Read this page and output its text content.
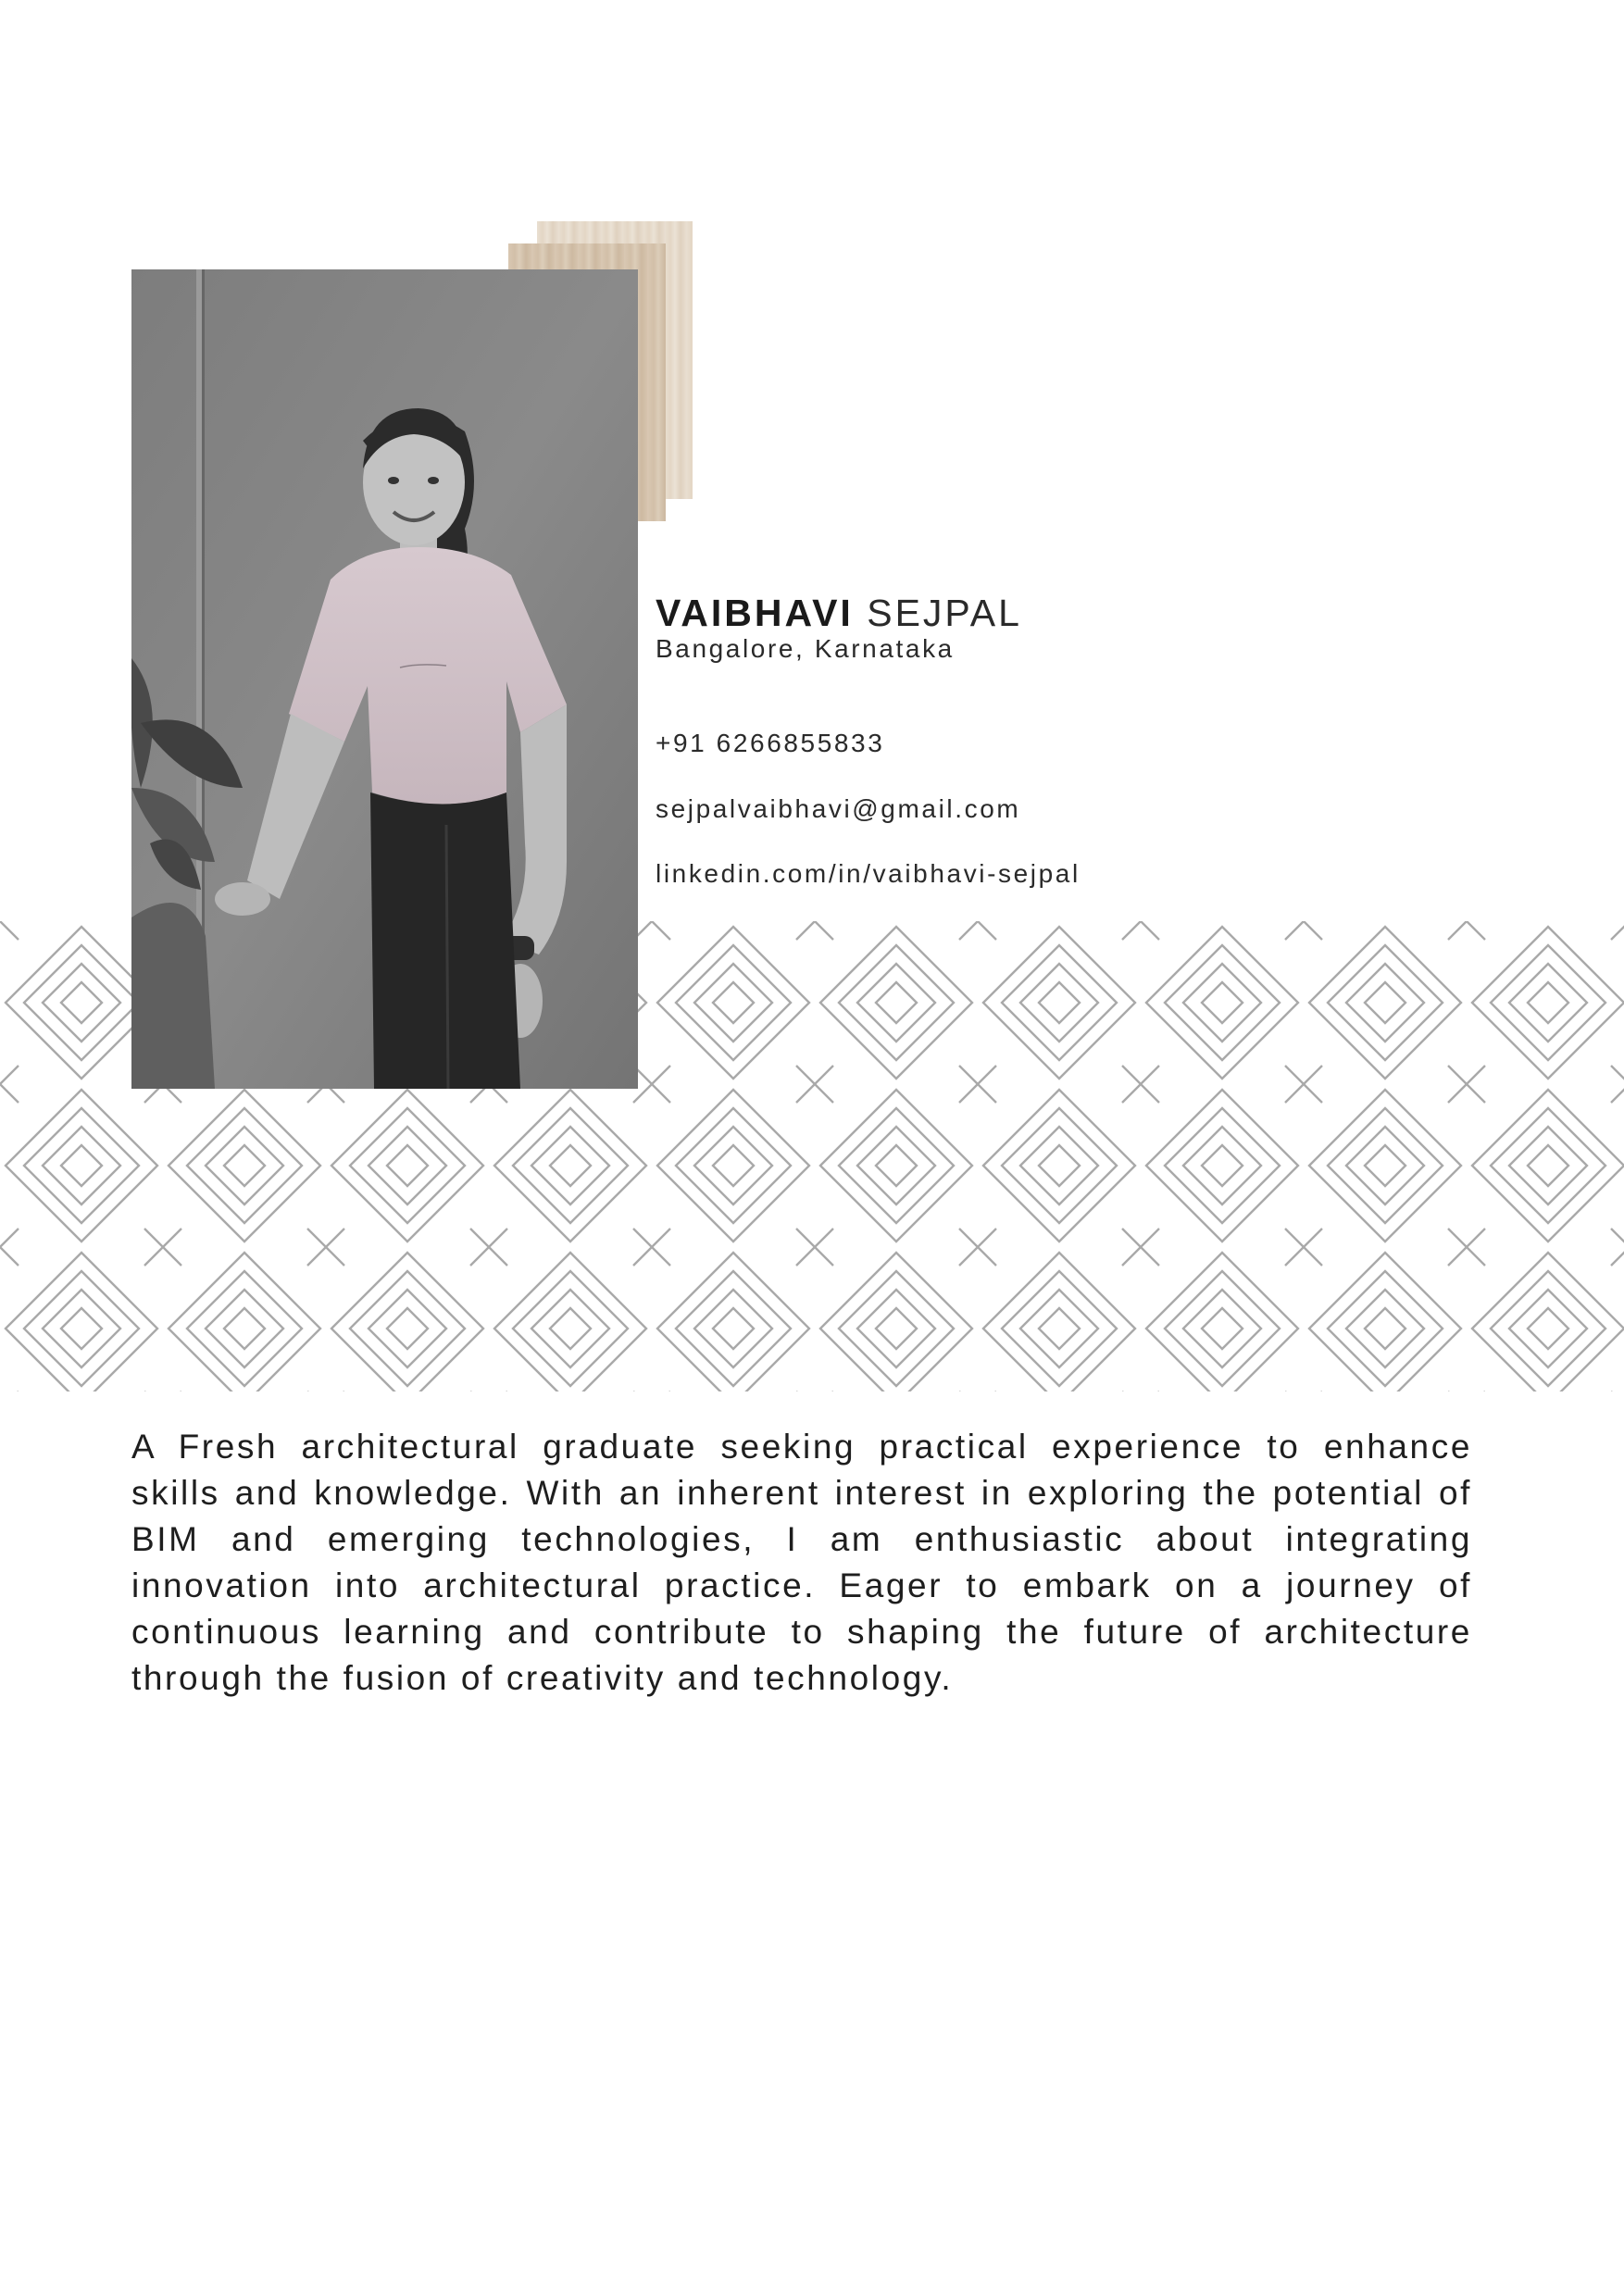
VAIBHAVI SEJPAL
Bangalore, Karnataka
+91 6266855833
sejpalvaibhavi@gmail.com
linkedin.com/in/vaibhavi-sejpal

A Fresh architectural graduate seeking practical experience to enhance skills and knowledge. With an inherent interest in exploring the potential of BIM and emerging technologies, I am enthusiastic about integrating innovation into architectural practice. Eager to embark on a journey of continuous learning and contribute to shaping the future of architecture through the fusion of creativity and technology.
